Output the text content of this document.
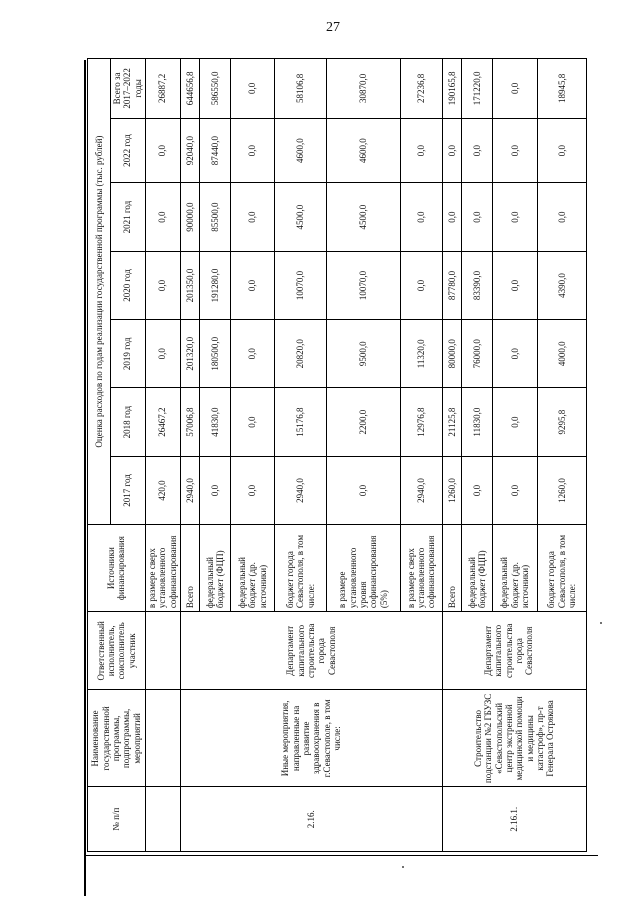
27
№ п/п	Наименование государственной программы, подпрограммы, мероприятий	Ответственный исполнитель, соисполнитель участник	Источники финансирования	Оценка расходов по годам реализации государственной программы (тыс. рублей)						
				2017 год	2018 год	2019 год	2020 год	2021 год	2022 год	Всего за 2017–2022 годы
			в размере сверх установленного софинансирования	420,0	26467,2	0,0	0,0	0,0	0,0	26887,2
2.16.	Иные мероприятия, направленные на развитие здравоохранения в г.Севастополе, в том числе:	Департамент капитального строительства города Севастополя	Всего	2940,0	57006,8	201320,0	201350,0	90000,0	92040,0	644656,8
			федеральный бюджет (ФЦП)	0,0	41830,0	180500,0	191280,0	85500,0	87440,0	586550,0
			федеральный бюджет (др. источники)	0,0	0,0	0,0	0,0	0,0	0,0	0,0
			бюджет города Севастополя, в том числе:	2940,0	15176,8	20820,0	10070,0	4500,0	4600,0	58106,8
			в размере установленного уровня софинансирования (5%)	0,0	2200,0	9500,0	10070,0	4500,0	4600,0	30870,0
			в размере сверх установленного софинансирования	2940,0	12976,8	11320,0	0,0	0,0	0,0	27236,8
2.16.1.	Строительство подстанции №2 ГБУЗС «Севастопольский центр экстренной медицинской помощи и медицины катастроф», пр-т Генерала Острякова	Департамент капитального строительства города Севастополя	Всего	1260,0	21125,8	80000,0	87780,0	0,0	0,0	190165,8
			федеральный бюджет (ФЦП)	0,0	11830,0	76000,0	83390,0	0,0	0,0	171220,0
			федеральный бюджет (др. источники)	0,0	0,0	0,0	0,0	0,0	0,0	0,0
			бюджет города Севастополя, в том числе:	1260,0	9295,8	4000,0	4390,0	0,0	0,0	18945,8
